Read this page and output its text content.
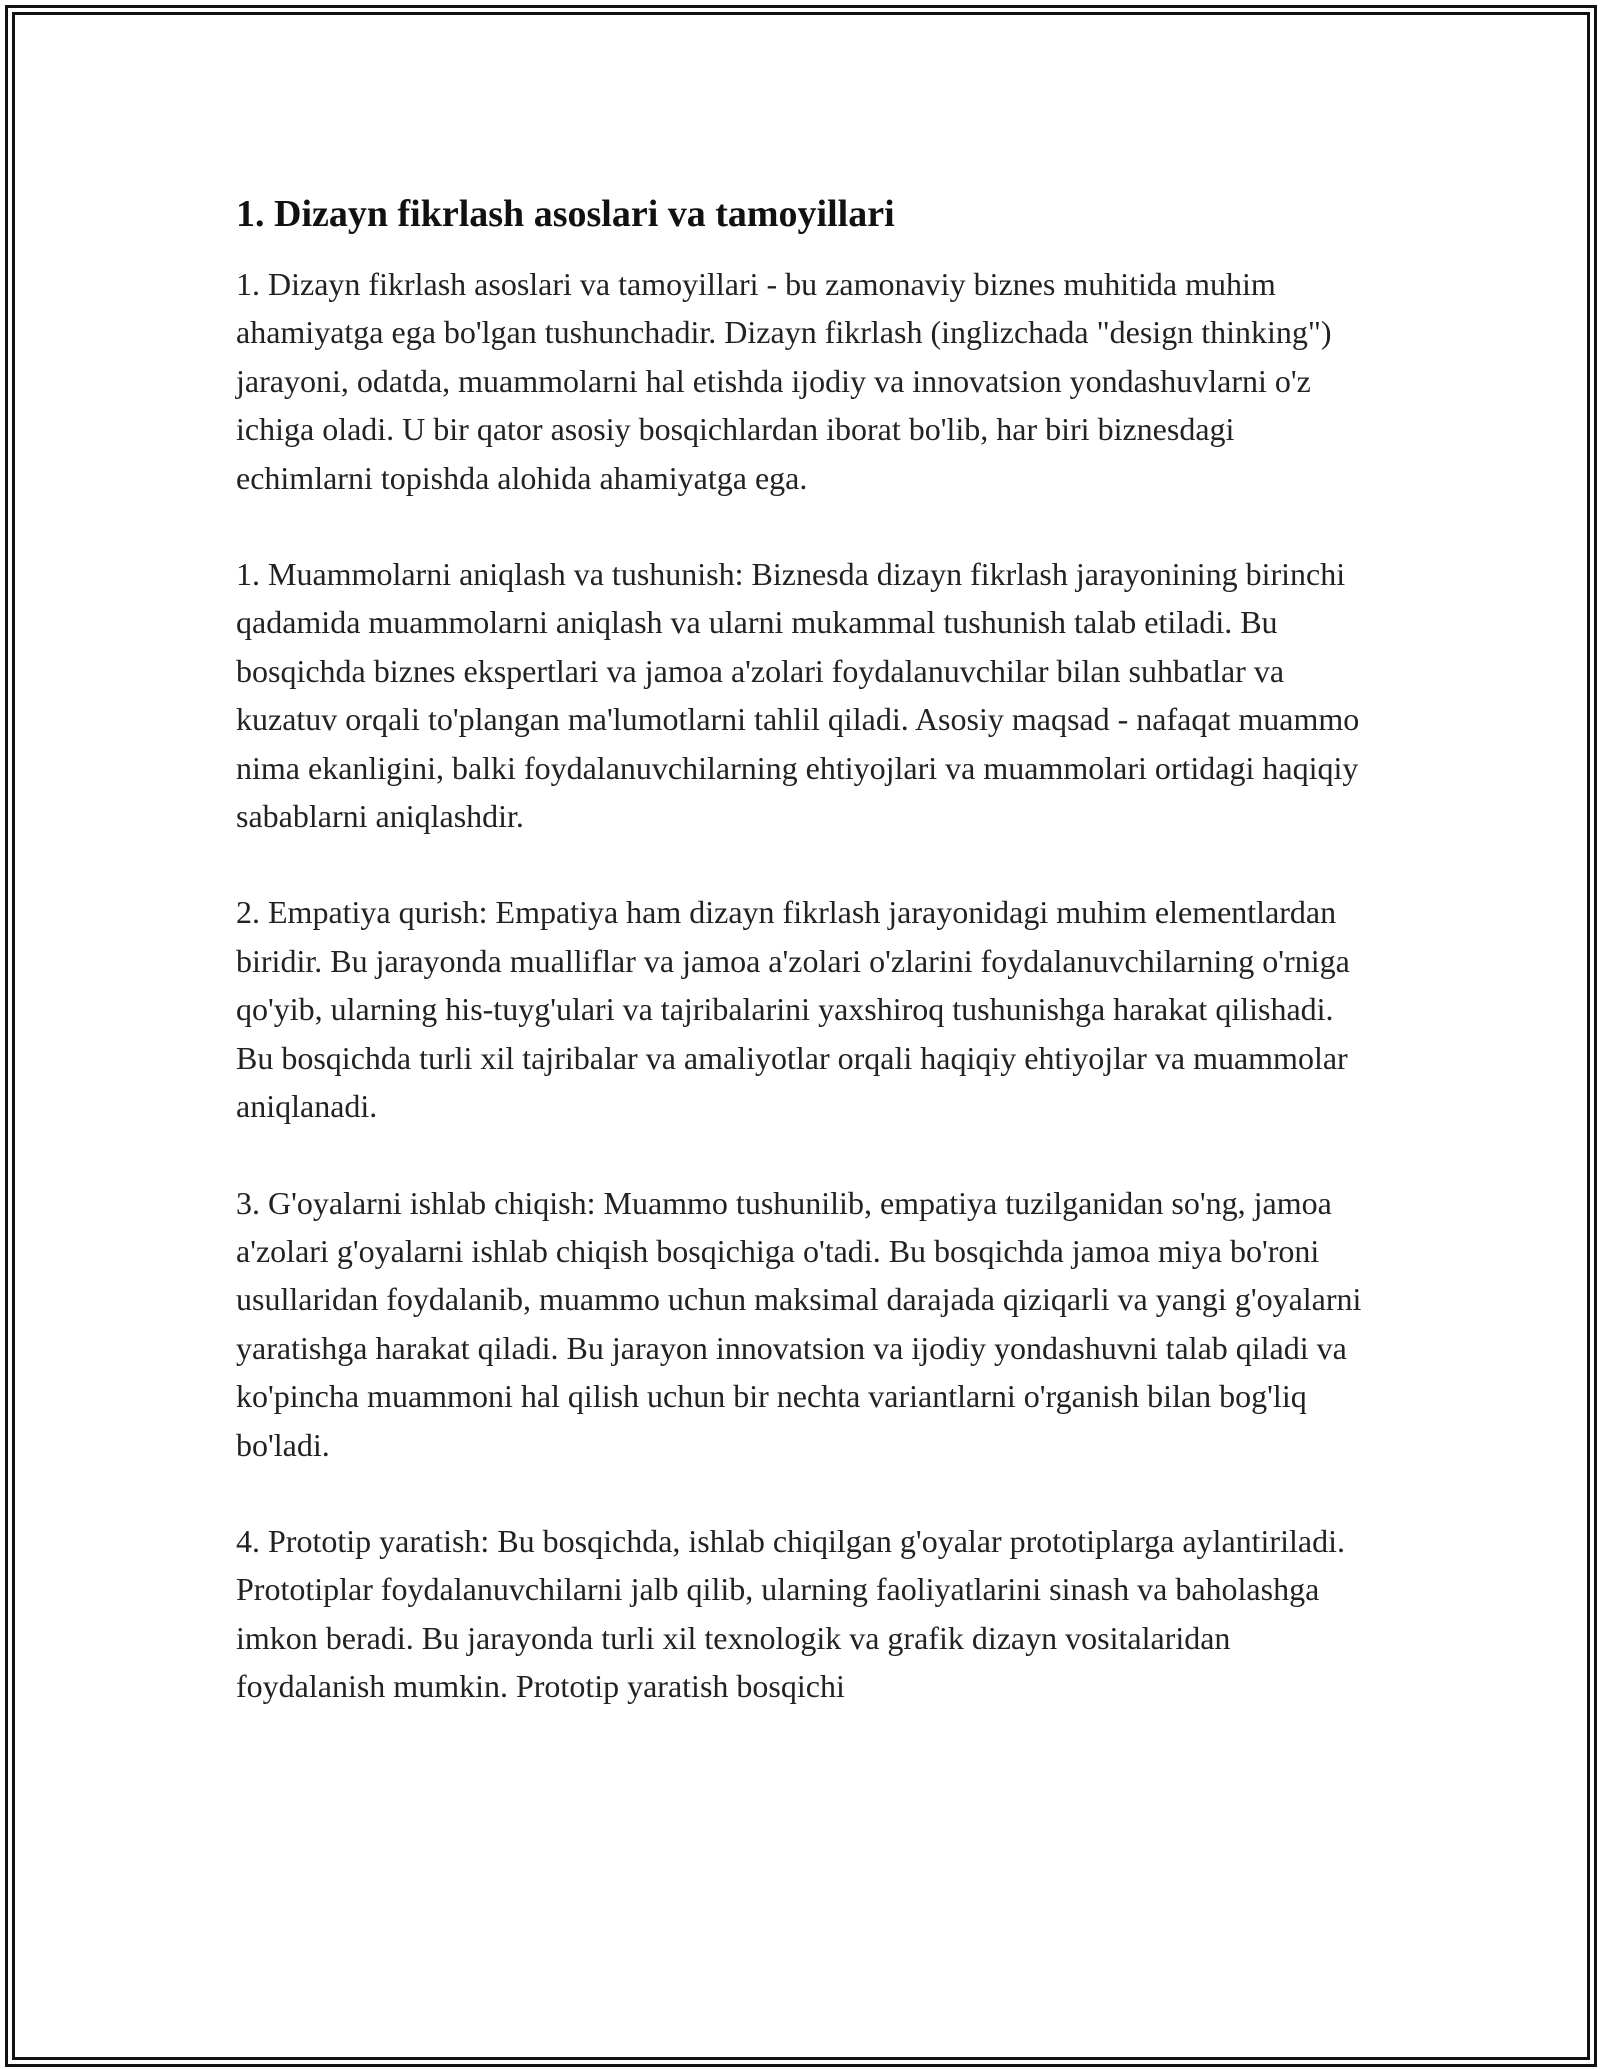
1. Dizayn fikrlash asoslari va tamoyillari

1. Dizayn fikrlash asoslari va tamoyillari - bu zamonaviy biznes muhitida muhim ahamiyatga ega bo'lgan tushunchadir. Dizayn fikrlash (inglizchada "design thinking") jarayoni, odatda, muammolarni hal etishda ijodiy va innovatsion yondashuvlarni o'z ichiga oladi. U bir qator asosiy bosqichlardan iborat bo'lib, har biri biznesdagi echimlarni topishda alohida ahamiyatga ega.

1. Muammolarni aniqlash va tushunish: Biznesda dizayn fikrlash jarayonining birinchi qadamida muammolarni aniqlash va ularni mukammal tushunish talab etiladi. Bu bosqichda biznes ekspertlari va jamoa a'zolari foydalanuvchilar bilan suhbatlar va kuzatuv orqali to'plangan ma'lumotlarni tahlil qiladi. Asosiy maqsad - nafaqat muammo nima ekanligini, balki foydalanuvchilarning ehtiyojlari va muammolari ortidagi haqiqiy sabablarni aniqlashdir.

2. Empatiya qurish: Empatiya ham dizayn fikrlash jarayonidagi muhim elementlardan biridir. Bu jarayonda mualliflar va jamoa a'zolari o'zlarini foydalanuvchilarning o'rniga qo'yib, ularning his-tuyg'ulari va tajribalarini yaxshiroq tushunishga harakat qilishadi. Bu bosqichda turli xil tajribalar va amaliyotlar orqali haqiqiy ehtiyojlar va muammolar aniqlanadi.

3. G'oyalarni ishlab chiqish: Muammo tushunilib, empatiya tuzilganidan so'ng, jamoa a'zolari g'oyalarni ishlab chiqish bosqichiga o'tadi. Bu bosqichda jamoa miya bo'roni usullaridan foydalanib, muammo uchun maksimal darajada qiziqarli va yangi g'oyalarni yaratishga harakat qiladi. Bu jarayon innovatsion va ijodiy yondashuvni talab qiladi va ko'pincha muammoni hal qilish uchun bir nechta variantlarni o'rganish bilan bog'liq bo'ladi.

4. Prototip yaratish: Bu bosqichda, ishlab chiqilgan g'oyalar prototiplarga aylantiriladi. Prototiplar foydalanuvchilarni jalb qilib, ularning faoliyatlarini sinash va baholashga imkon beradi. Bu jarayonda turli xil texnologik va grafik dizayn vositalaridan foydalanish mumkin. Prototip yaratish bosqichi
